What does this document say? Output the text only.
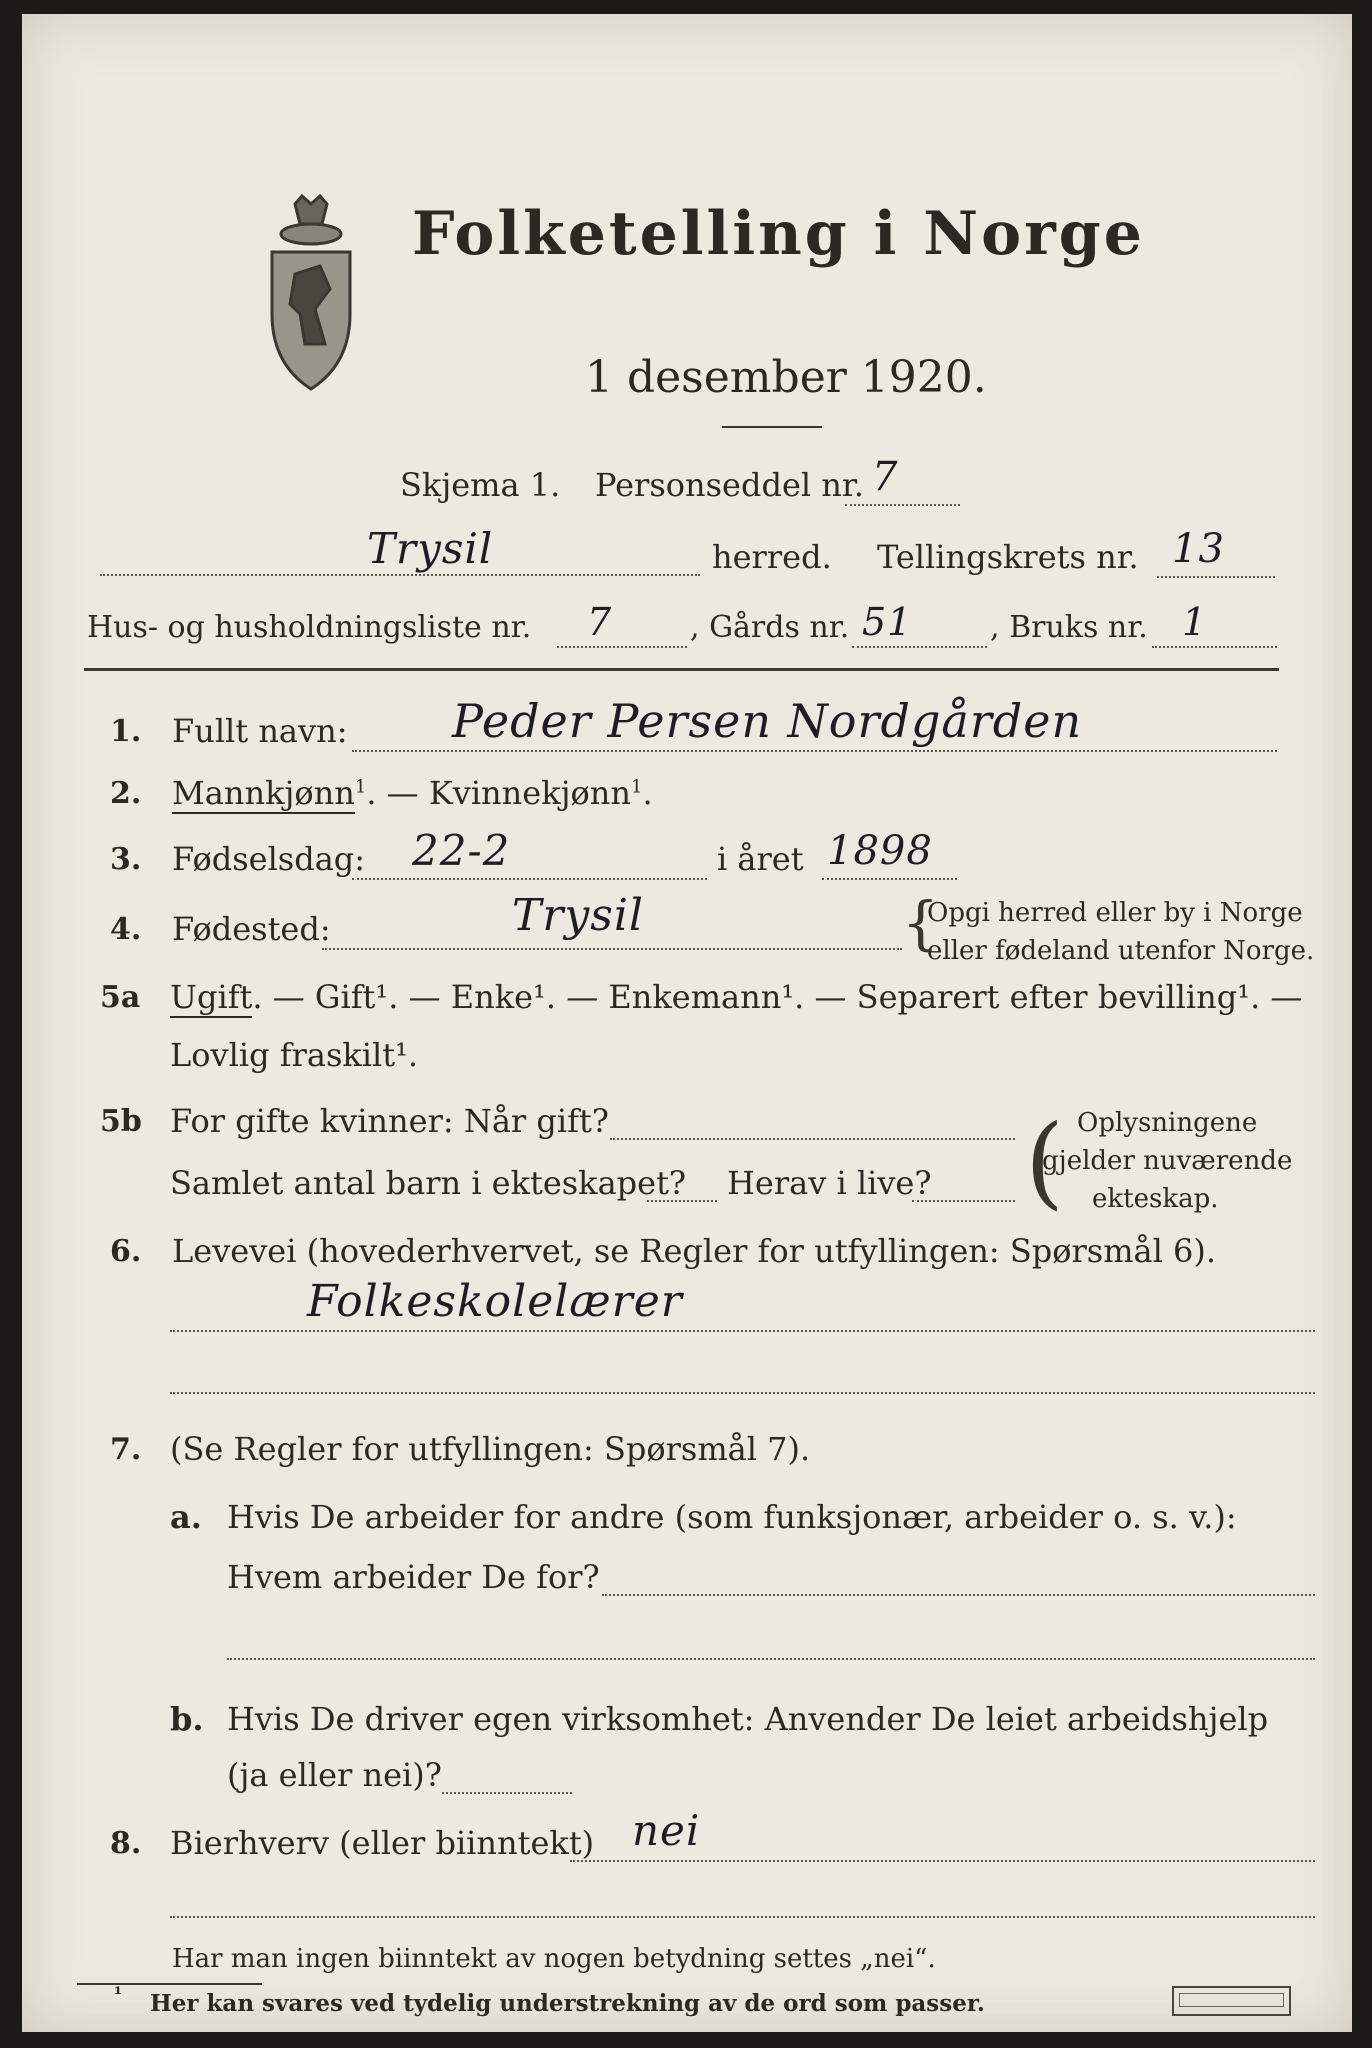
Folketelling i Norge
1 desember 1920.
Skjema 1. Personseddel nr. 7
Trysil	herred. Tellingskrets nr. 13
Hus- og husholdningsliste nr. 7	, Gårds nr. 51	, Bruks nr. 1
1. Fullt navn: Peder Persen Nordgården
2. Mannkjønn$^1$. — Kvinnekjønn$^1$.
3. Fødselsdag: 22-2	i året 1898
4. Fødested:	Trysil	{
Opgi herred eller by i Norge
eller fødeland utenfor Norge.
5a Ugift. — Gift¹. — Enke¹. — Enkemann¹. — Separert efter bevilling¹. —
Lovlig fraskilt¹.
5b For gifte kvinner: Når gift?
Samlet antal barn i ekteskapet? Herav i live? ( Oplysningene
gjelder nuværende
ekteskap.
6. Levevei (hovederhvervet, se Regler for utfyllingen: Spørsmål 6).
Folkeskolelærer
7. (Se Regler for utfyllingen: Spørsmål 7).
a. Hvis De arbeider for andre (som funksjonær, arbeider o. s. v.):
Hvem arbeider De for?
b. Hvis De driver egen virksomhet: Anvender De leiet arbeidshjelp
(ja eller nei)?
8. Bierhverv (eller biinntekt) nei
Har man ingen biinntekt av nogen betydning settes „nei“.
¹ Her kan svares ved tydelig understrekning av de ord som passer.
